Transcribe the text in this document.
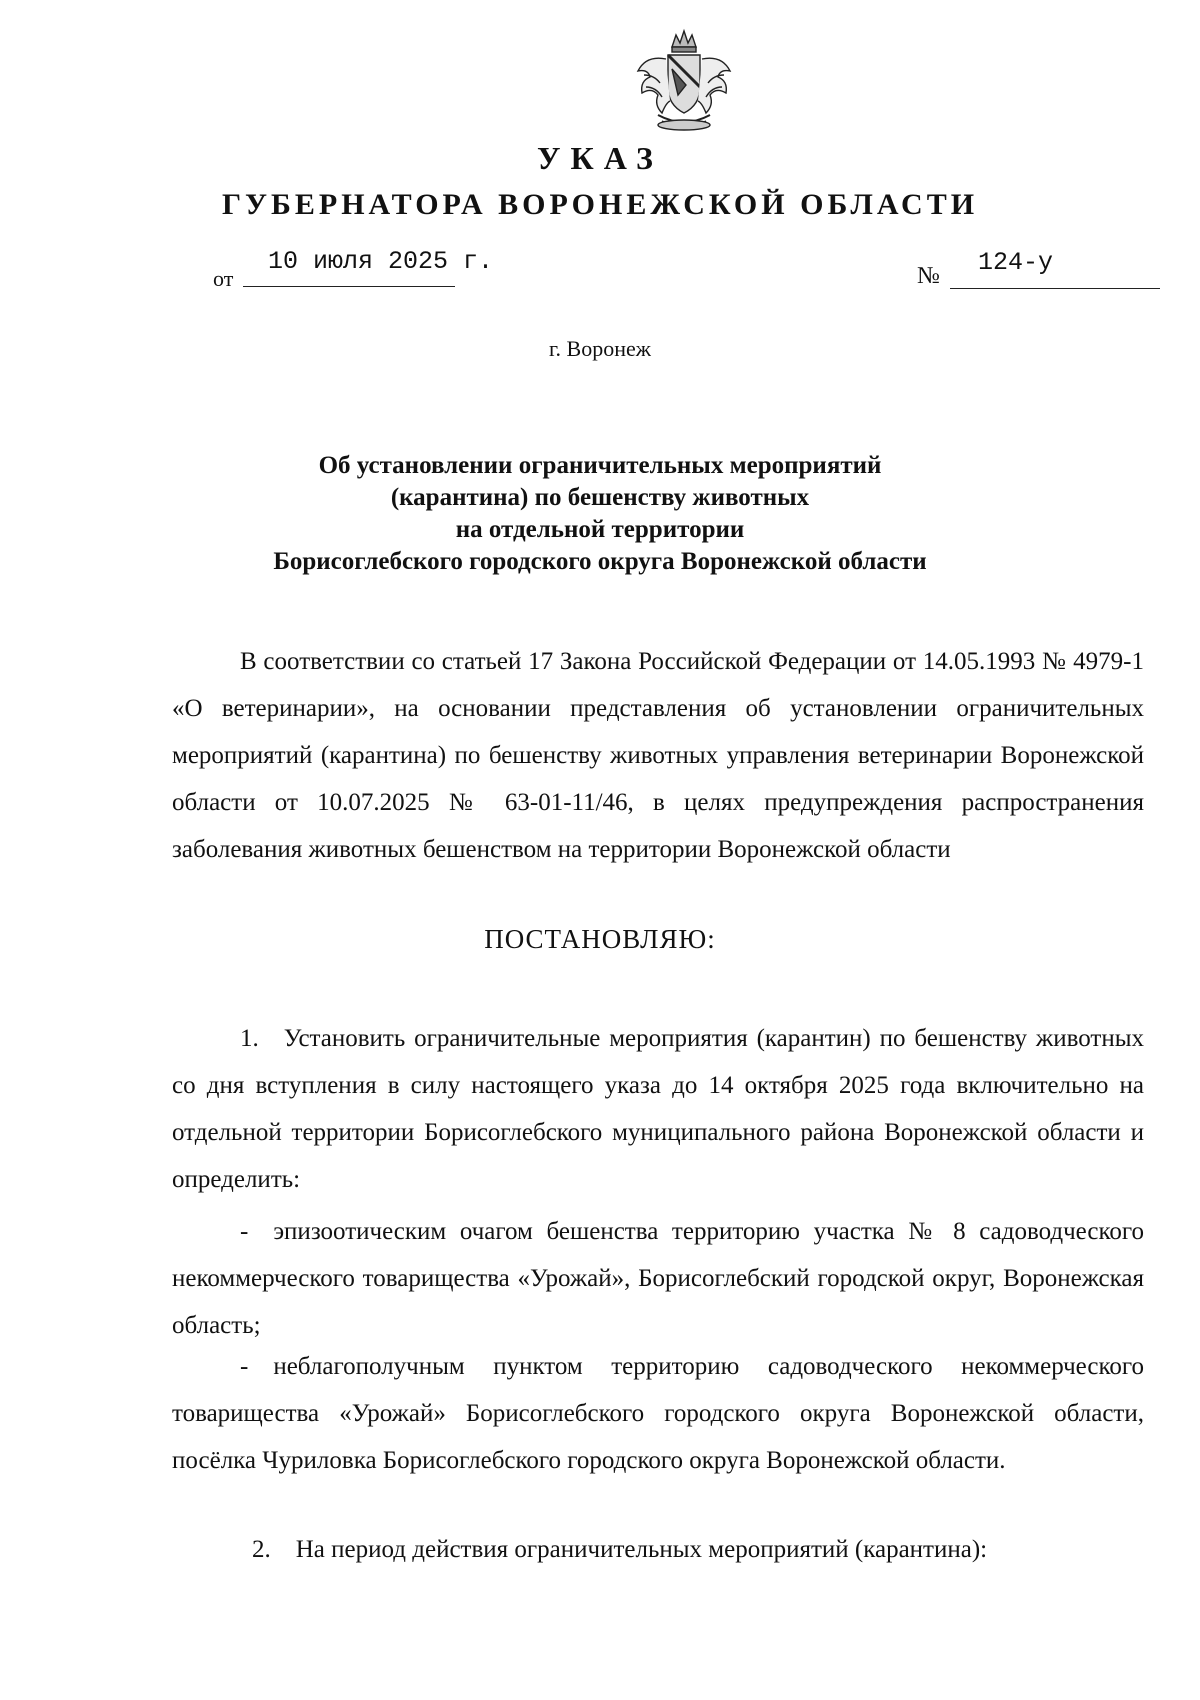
УКАЗ
ГУБЕРНАТОРА ВОРОНЕЖСКОЙ ОБЛАСТИ
от
10 июля 2025 г.	№ 124-у
г. Воронеж
Об установлении ограничительных мероприятий
(карантина) по бешенству животных
на отдельной территории
Борисоглебского городского округа Воронежской области
В соответствии со статьей 17 Закона Российской Федерации от 14.05.1993 № 4979-1 «О ветеринарии», на основании представления об установлении ограничительных мероприятий (карантина) по бешенству животных управления ветеринарии Воронежской области от 10.07.2025 № 63-01-11/46, в целях предупреждения распространения заболевания животных бешенством на территории Воронежской области
ПОСТАНОВЛЯЮ:
1. Установить ограничительные мероприятия (карантин) по бешенству животных со дня вступления в силу настоящего указа до 14 октября 2025 года включительно на отдельной территории Борисоглебского муниципального района Воронежской области и определить:
- эпизоотическим очагом бешенства территорию участка № 8 садоводческого некоммерческого товарищества «Урожай», Борисоглебский городской округ, Воронежская область;
- неблагополучным пунктом территорию садоводческого некоммерческого товарищества «Урожай» Борисоглебского городского округа Воронежской области, посёлка Чуриловка Борисоглебского городского округа Воронежской области.
2. На период действия ограничительных мероприятий (карантина):
